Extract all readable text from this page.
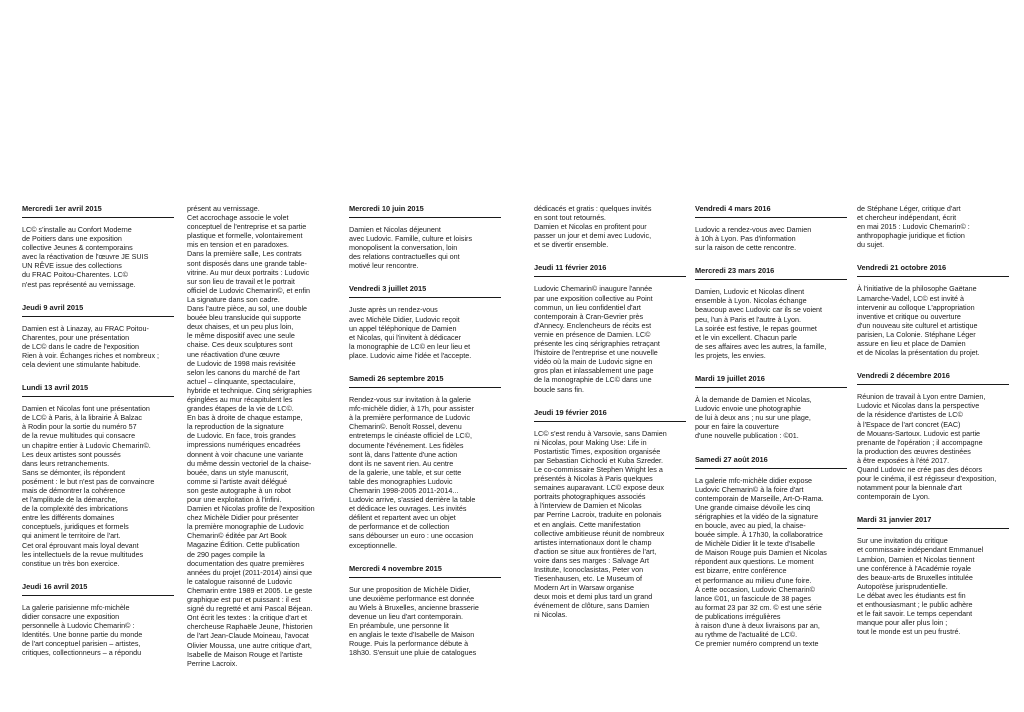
Mercredi 1er avril 2015
LC© s'installe au Confort Moderne
de Poitiers dans une exposition
collective Jeunes & contemporains
avec la réactivation de l'œuvre JE SUIS
UN RÊVE issue des collections
du FRAC Poitou-Charentes. LC©
n'est pas représenté au vernissage.
Jeudi 9 avril 2015
Damien est à Linazay, au FRAC Poitou-
Charentes, pour une présentation
de LC© dans le cadre de l'exposition
Rien à voir. Échanges riches et nombreux ;
cela devient une stimulante habitude.
Lundi 13 avril 2015
Damien et Nicolas font une présentation
de LC© à Paris, à la librairie À Balzac
à Rodin pour la sortie du numéro 57
de la revue multitudes qui consacre
un chapitre entier à Ludovic Chemarin©.
Les deux artistes sont poussés
dans leurs retranchements.
Sans se démonter, ils répondent
posément : le but n'est pas de convaincre
mais de démontrer la cohérence
et l'amplitude de la démarche,
de la complexité des imbrications
entre les différents domaines
conceptuels, juridiques et formels
qui animent le territoire de l'art.
Cet oral éprouvant mais loyal devant
les intellectuels de la revue multitudes
constitue un très bon exercice.
Jeudi 16 avril 2015
La galerie parisienne mfc-michèle
didier consacre une exposition
personnelle à Ludovic Chemarin© :
Identités. Une bonne partie du monde
de l'art conceptuel parisien – artistes,
critiques, collectionneurs – a répondu
présent au vernissage.
Cet accrochage associe le volet
conceptuel de l'entreprise et sa partie
plastique et formelle, volontairement
mis en tension et en paradoxes.
Dans la première salle, Les contrats
sont disposés dans une grande table-
vitrine. Au mur deux portraits : Ludovic
sur son lieu de travail et le portrait
officiel de Ludovic Chemarin©, et enfin
La signature dans son cadre.
Dans l'autre pièce, au sol, une double
bouée bleu translucide qui supporte
deux chaises, et un peu plus loin,
le même dispositif avec une seule
chaise. Ces deux sculptures sont
une réactivation d'une œuvre
de Ludovic de 1998 mais revisitée
selon les canons du marché de l'art
actuel – clinquante, spectaculaire,
hybride et technique. Cinq sérigraphies
épinglées au mur récapitulent les
grandes étapes de la vie de LC©.
En bas à droite de chaque estampe,
la reproduction de la signature
de Ludovic. En face, trois grandes
impressions numériques encadrées
donnent à voir chacune une variante
du même dessin vectoriel de la chaise-
bouée, dans un style manuscrit,
comme si l'artiste avait délégué
son geste autographe à un robot
pour une exploitation à l'infini.
Damien et Nicolas profite de l'exposition
chez Michèle Didier pour présenter
la première monographie de Ludovic
Chemarin© éditée par Art Book
Magazine Édition. Cette publication
de 290 pages compile la
documentation des quatre premières
années du projet (2011-2014) ainsi que
le catalogue raisonné de Ludovic
Chemarin entre 1989 et 2005. Le geste
graphique est pur et puissant : il est
signé du regretté et ami Pascal Béjean.
Ont écrit les textes : la critique d'art et
chercheuse Raphaële Jeune, l'historien
de l'art Jean-Claude Moineau, l'avocat
Olivier Moussa, une autre critique d'art,
Isabelle de Maison Rouge et l'artiste
Perrine Lacroix.
Mercredi 10 juin 2015
Damien et Nicolas déjeunent
avec Ludovic. Famille, culture et loisirs
monopolisent la conversation, loin
des relations contractuelles qui ont
motivé leur rencontre.
Vendredi 3 juillet 2015
Juste après un rendez-vous
avec Michèle Didier, Ludovic reçoit
un appel téléphonique de Damien
et Nicolas, qui l'invitent à dédicacer
la monographie de LC© en leur lieu et
place. Ludovic aime l'idée et l'accepte.
Samedi 26 septembre 2015
Rendez-vous sur invitation à la galerie
mfc-michèle didier, à 17h, pour assister
à la première performance de Ludovic
Chemarin©. Benoît Rossel, devenu
entretemps le cinéaste officiel de LC©,
documente l'événement. Les fidèles
sont là, dans l'attente d'une action
dont ils ne savent rien. Au centre
de la galerie, une table, et sur cette
table des monographies Ludovic
Chemarin 1998-2005 2011-2014...
Ludovic arrive, s'assied derrière la table
et dédicace les ouvrages. Les invités
défilent et repartent avec un objet
de performance et de collection
sans débourser un euro : une occasion
exceptionnelle.
Mercredi 4 novembre 2015
Sur une proposition de Michèle Didier,
une deuxième performance est donnée
au Wiels à Bruxelles, ancienne brasserie
devenue un lieu d'art contemporain.
En préambule, une personne lit
en anglais le texte d'Isabelle de Maison
Rouge. Puis la performance débute à
18h30. S'ensuit une pluie de catalogues
dédicacés et gratis : quelques invités
en sont tout retournés.
Damien et Nicolas en profitent pour
passer un jour et demi avec Ludovic,
et se divertir ensemble.
Jeudi 11 février 2016
Ludovic Chemarin© inaugure l'année
par une exposition collective au Point
commun, un lieu confidentiel d'art
contemporain à Cran-Gevrier près
d'Annecy. Enclencheurs de récits est
vernie en présence de Damien. LC©
présente les cinq sérigraphies retraçant
l'histoire de l'entreprise et une nouvelle
vidéo où la main de Ludovic signe en
gros plan et inlassablement une page
de la monographie de LC© dans une
boucle sans fin.
Jeudi 19 février 2016
LC© s'est rendu à Varsovie, sans Damien
ni Nicolas, pour Making Use: Life in
Postartistic Times, exposition organisée
par Sebastian Cichocki et Kuba Szreder.
Le co-commissaire Stephen Wright les a
présentés à Nicolas à Paris quelques
semaines auparavant. LC© expose deux
portraits photographiques associés
à l'interview de Damien et Nicolas
par Perrine Lacroix, traduite en polonais
et en anglais. Cette manifestation
collective ambitieuse réunit de nombreux
artistes internationaux dont le champ
d'action se situe aux frontières de l'art,
voire dans ses marges : Salvage Art
Institute, Iconoclasistas, Peter von
Tiesenhausen, etc. Le Museum of
Modern Art in Warsaw organise
deux mois et demi plus tard un grand
événement de clôture, sans Damien
ni Nicolas.
Vendredi 4 mars 2016
Ludovic a rendez-vous avec Damien
à 10h à Lyon. Pas d'information
sur la raison de cette rencontre.
Mercredi 23 mars 2016
Damien, Ludovic et Nicolas dînent
ensemble à Lyon. Nicolas échange
beaucoup avec Ludovic car ils se voient
peu, l'un à Paris et l'autre à Lyon.
La soirée est festive, le repas gourmet
et le vin excellent. Chacun parle
de ses affaires avec les autres, la famille,
les projets, les envies.
Mardi 19 juillet 2016
À la demande de Damien et Nicolas,
Ludovic envoie une photographie
de lui à deux ans ; nu sur une plage,
pour en faire la couverture
d'une nouvelle publication : ©01.
Samedi 27 août 2016
La galerie mfc-michèle didier expose
Ludovic Chemarin© à la foire d'art
contemporain de Marseille, Art-O-Rama.
Une grande cimaise dévoile les cinq
sérigraphies et la vidéo de la signature
en boucle, avec au pied, la chaise-
bouée simple. À 17h30, la collaboratrice
de Michèle Didier lit le texte d'Isabelle
de Maison Rouge puis Damien et Nicolas
répondent aux questions. Le moment
est bizarre, entre conférence
et performance au milieu d'une foire.
À cette occasion, Ludovic Chemarin©
lance ©01, un fascicule de 38 pages
au format 23 par 32 cm. © est une série
de publications irrégulières
à raison d'une à deux livraisons par an,
au rythme de l'actualité de LC©.
Ce premier numéro comprend un texte
de Stéphane Léger, critique d'art
et chercheur indépendant, écrit
en mai 2015 : Ludovic Chemarin© :
anthropophagie juridique et fiction
du sujet.
Vendredi 21 octobre 2016
À l'initiative de la philosophe Gaëtane
Lamarche-Vadel, LC© est invité à
intervenir au colloque L'appropriation
inventive et critique ou ouverture
d'un nouveau site culturel et artistique
parisien, La Colonie. Stéphane Léger
assure en lieu et place de Damien
et de Nicolas la présentation du projet.
Vendredi 2 décembre 2016
Réunion de travail à Lyon entre Damien,
Ludovic et Nicolas dans la perspective
de la résidence d'artistes de LC©
à l'Espace de l'art concret (EAC)
de Mouans-Sartoux. Ludovic est partie
prenante de l'opération ; il accompagne
la production des œuvres destinées
à être exposées à l'été 2017.
Quand Ludovic ne crée pas des décors
pour le cinéma, il est régisseur d'exposition,
notamment pour la biennale d'art
contemporain de Lyon.
Mardi 31 janvier 2017
Sur une invitation du critique
et commissaire indépendant Emmanuel
Lambion, Damien et Nicolas tiennent
une conférence à l'Académie royale
des beaux-arts de Bruxelles intitulée
Autopoïèse jurisprudentielle.
Le débat avec les étudiants est fin
et enthousiasmant ; le public adhère
et le fait savoir. Le temps cependant
manque pour aller plus loin ;
tout le monde est un peu frustré.
